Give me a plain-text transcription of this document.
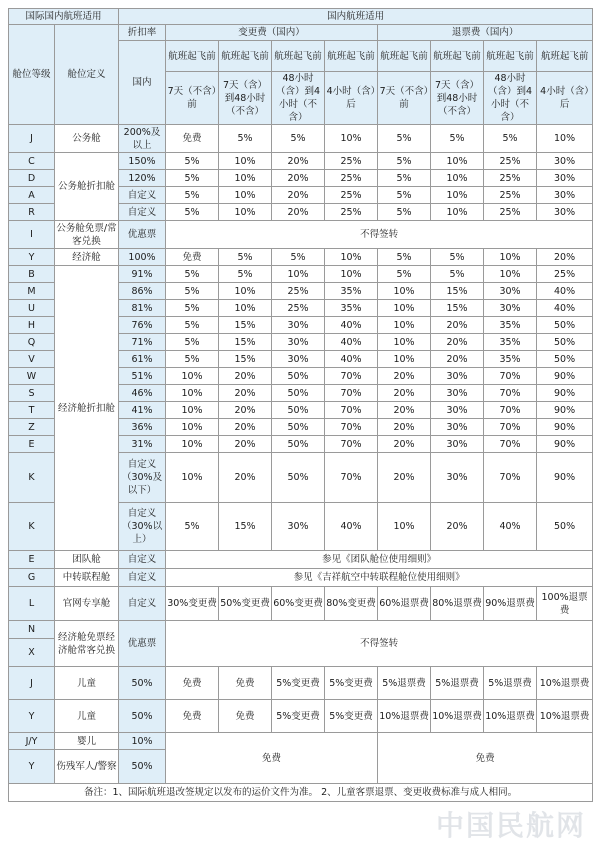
国际国内航班适用		国内航班适用								
舱位等级	舱位定义	折扣率	变更费（国内）				退票费（国内）			
		国内	航班起飞前	航班起飞前	航班起飞前	航班起飞前	航班起飞前	航班起飞前	航班起飞前	航班起飞前
			7天（不含）前	7天（含）到48小时（不含）	48小时（含）到4小时（不含）	4小时（含）后	7天（不含）前	7天（含）到48小时（不含）	48小时（含）到4小时（不含）	4小时（含）后

J	公务舱	200%及以上	免费	5%	5%	10%	5%	5%	5%	10%
C	公务舱折扣舱	150%	5%	10%	20%	25%	5%	10%	25%	30%
D		120%	5%	10%	20%	25%	5%	10%	25%	30%
A		自定义	5%	10%	20%	25%	5%	10%	25%	30%
R		自定义	5%	10%	20%	25%	5%	10%	25%	30%
I	公务舱免票/常客兑换	优惠票	不得签转							
Y	经济舱	100%	免费	5%	5%	10%	5%	5%	10%	20%
B	经济舱折扣舱	91%	5%	5%	10%	10%	5%	5%	10%	25%
M		86%	5%	10%	25%	35%	10%	15%	30%	40%
U		81%	5%	10%	25%	35%	10%	15%	30%	40%
H		76%	5%	15%	30%	40%	10%	20%	35%	50%
Q		71%	5%	15%	30%	40%	10%	20%	35%	50%
V		61%	5%	15%	30%	40%	10%	20%	35%	50%
W		51%	10%	20%	50%	70%	20%	30%	70%	90%
S		46%	10%	20%	50%	70%	20%	30%	70%	90%
T		41%	10%	20%	50%	70%	20%	30%	70%	90%
Z		36%	10%	20%	50%	70%	20%	30%	70%	90%
E		31%	10%	20%	50%	70%	20%	30%	70%	90%
K		自定义（30%及以下）	10%	20%	50%	70%	20%	30%	70%	90%
K		自定义（30%以上）	5%	15%	30%	40%	10%	20%	40%	50%
E	团队舱	自定义	参见《团队舱位使用细则》							
G	中转联程舱	自定义	参见《吉祥航空中转联程舱位使用细则》							
L	官网专享舱	自定义	30%变更费	50%变更费	60%变更费	80%变更费	60%退票费	80%退票费	90%退票费	100%退票费
N	经济舱免票经济舱常客兑换	优惠票	不得签转							
X										
J	儿童	50%	免费	免费	5%变更费	5%变更费	5%退票费	5%退票费	5%退票费	10%退票费
Y	儿童	50%	免费	免费	5%变更费	5%变更费	10%退票费	10%退票费	10%退票费	10%退票费
J/Y	婴儿	10%	免费				免费			
Y	伤残军人/警察	50%								
备注：1、国际航班退改签规定以发布的运价文件为准。 2、儿童客票退票、变更收费标准与成人相同。										
中国民航网
